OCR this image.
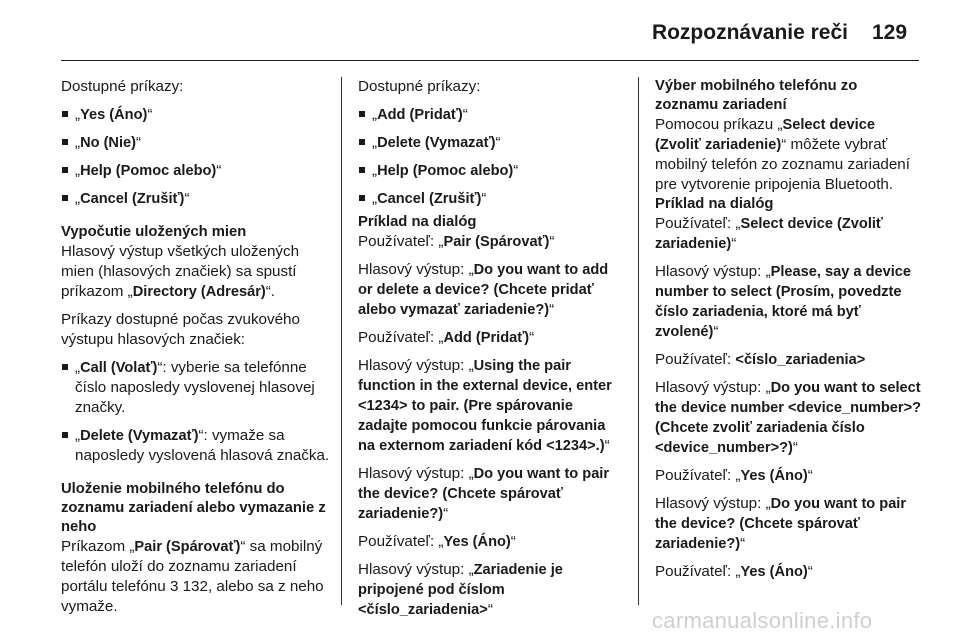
Rozpoznávanie reči 129

Dostupné príkazy:

„Yes (Áno)“
„No (Nie)“
„Help (Pomoc alebo)“
„Cancel (Zrušiť)“
Vypočutie uložených mien

Hlasový výstup všetkých uložených mien (hlasových značiek) sa spustí príkazom „Directory (Adresár)“.

Príkazy dostupné počas zvukového výstupu hlasových značiek:

„Call (Volať)“: vyberie sa telefónne číslo naposledy vyslovenej hlasovej značky.
„Delete (Vymazať)“: vymaže sa naposledy vyslovená hlasová značka.
Uloženie mobilného telefónu do zoznamu zariadení alebo vymazanie z neho

Príkazom „Pair (Spárovať)“ sa mobilný telefón uloží do zoznamu zariadení portálu telefónu 3 132, alebo sa z neho vymaže.

Dostupné príkazy:

„Add (Pridať)“
„Delete (Vymazať)“
„Help (Pomoc alebo)“
„Cancel (Zrušiť)“
Príklad na dialóg

Používateľ: „Pair (Spárovať)“

Hlasový výstup: „Do you want to add or delete a device? (Chcete pridať alebo vymazať zariadenie?)“

Používateľ: „Add (Pridať)“

Hlasový výstup: „Using the pair function in the external device, enter <1234> to pair. (Pre spárovanie zadajte pomocou funkcie párovania na externom zariadení kód <1234>.)“

Hlasový výstup: „Do you want to pair the device? (Chcete spárovať zariadenie?)“

Používateľ: „Yes (Áno)“

Hlasový výstup: „Zariadenie je pripojené pod číslom <číslo_zariadenia>“

Výber mobilného telefónu zo zoznamu zariadení

Pomocou príkazu „Select device (Zvoliť zariadenie)“ môžete vybrať mobilný telefón zo zoznamu zariadení pre vytvorenie pripojenia Bluetooth.

Príklad na dialóg

Používateľ: „Select device (Zvoliť zariadenie)“

Hlasový výstup: „Please, say a device number to select (Prosím, povedzte číslo zariadenia, ktoré má byť zvolené)“

Používateľ: <číslo_zariadenia>

Hlasový výstup: „Do you want to select the device number <device_number>? (Chcete zvoliť zariadenia číslo <device_number>?)“

Používateľ: „Yes (Áno)“

Hlasový výstup: „Do you want to pair the device? (Chcete spárovať zariadenie?)“

Používateľ: „Yes (Áno)“

carmanualsonline.info
